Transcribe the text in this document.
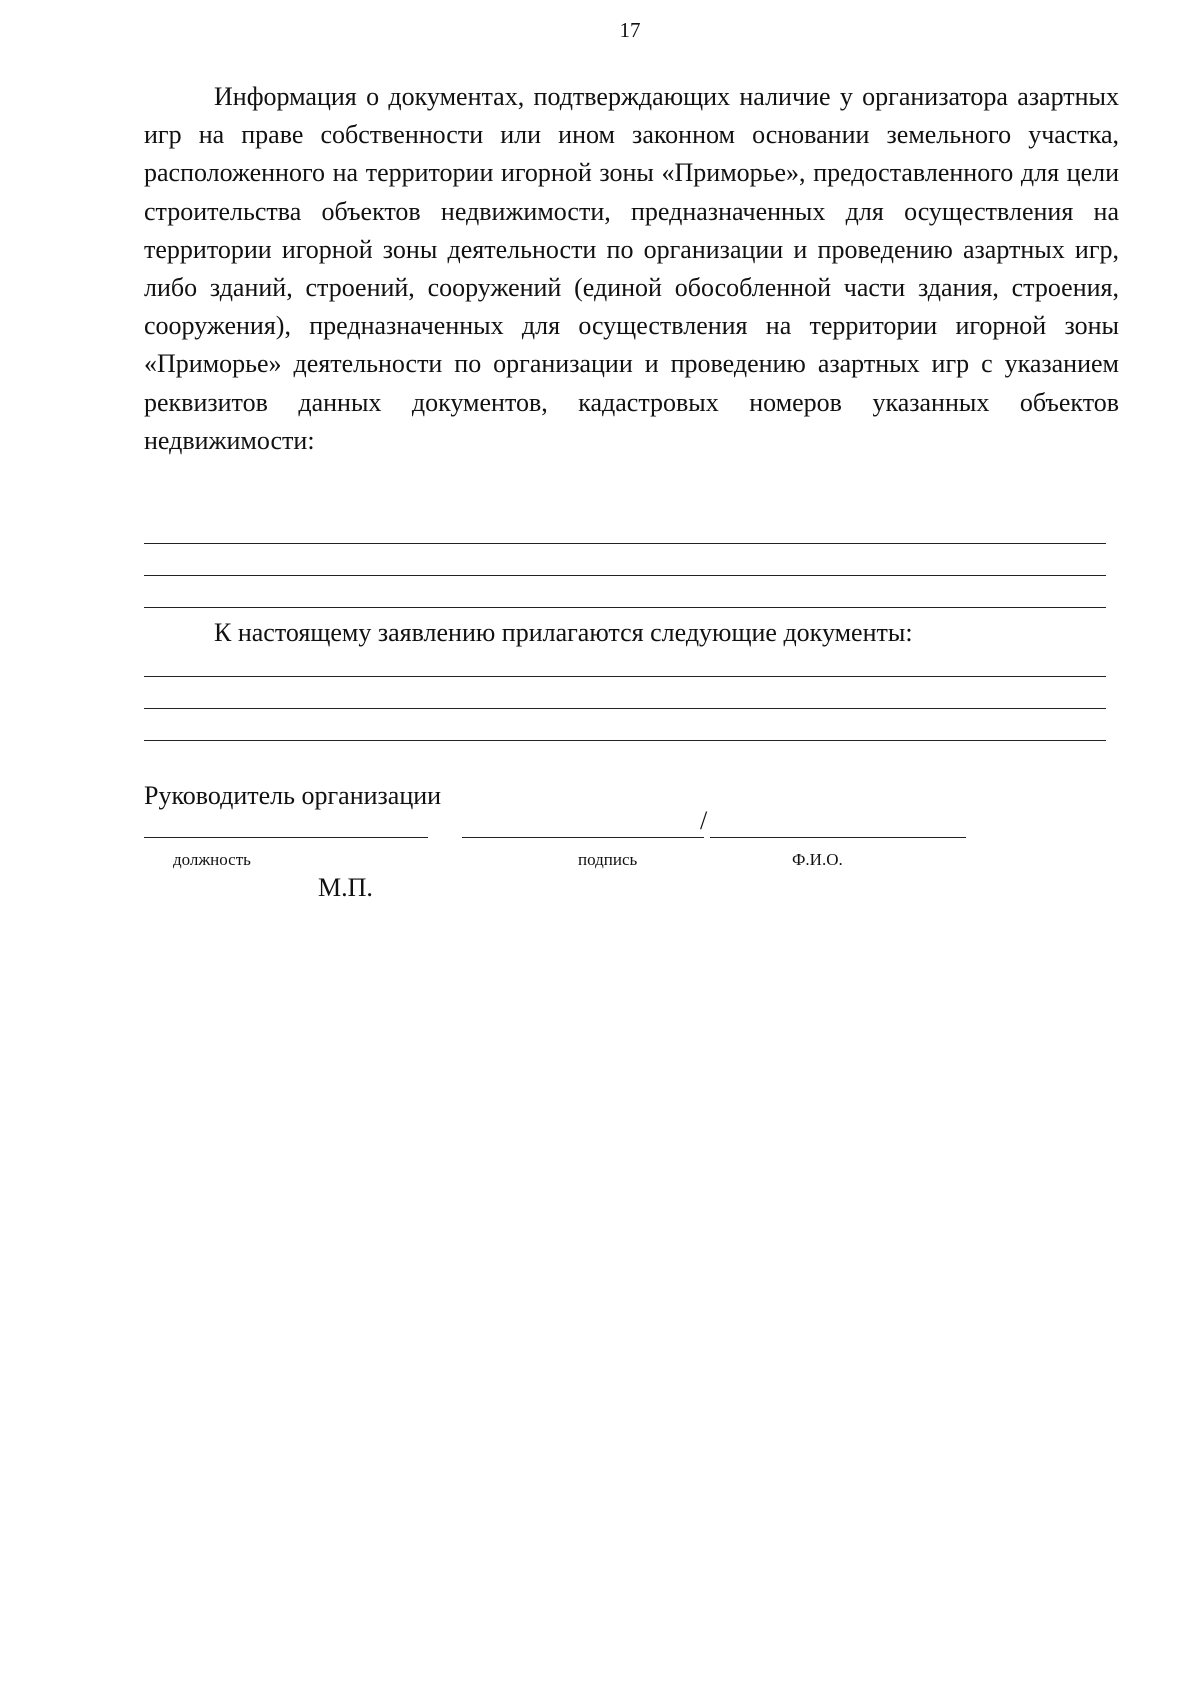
17

Информация о документах, подтверждающих наличие у организатора азартных игр на праве собственности или ином законном основании земельного участка, расположенного на территории игорной зоны «Приморье», предоставленного для цели строительства объектов недвижимости, предназначенных для осуществления на территории игорной зоны деятельности по организации и проведению азартных игр, либо зданий, строений, сооружений (единой обособленной части здания, строения, сооружения), предназначенных для осуществления на территории игорной зоны «Приморье» деятельности по организации и проведению азартных игр с указанием реквизитов данных документов, кадастровых номеров указанных объектов недвижимости:

К настоящему заявлению прилагаются следующие документы:

Руководитель организации
/
должность	подпись	Ф.И.О.
М.П.
